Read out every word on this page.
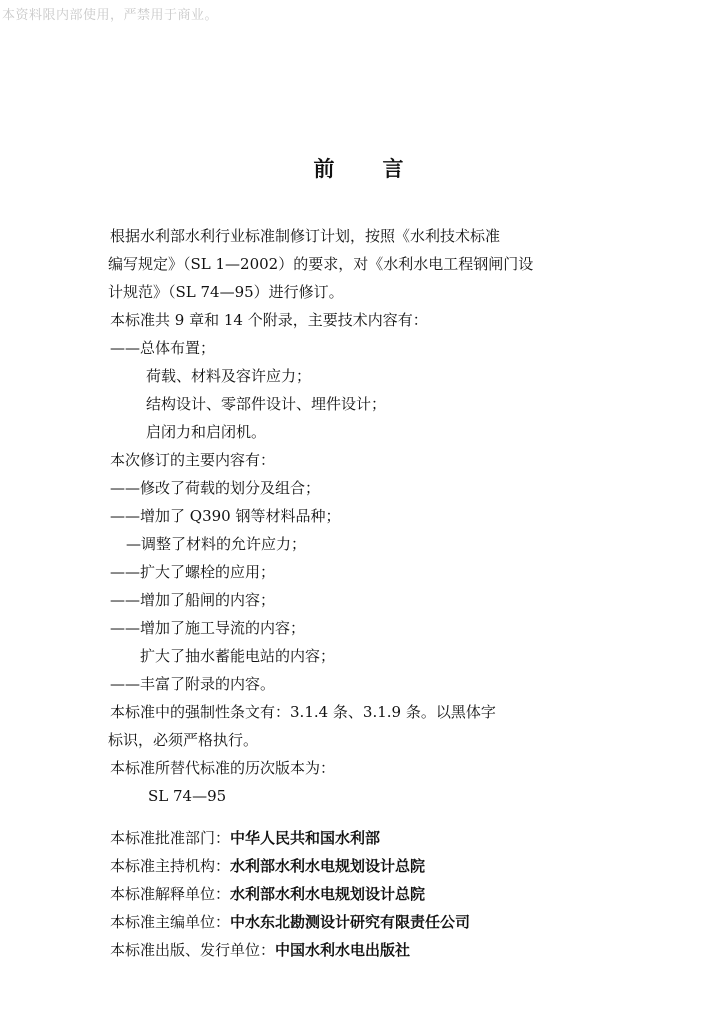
本资料限内部使用，严禁用于商业。
前 言
根据水利部水利行业标准制修订计划，按照《水利技术标准
编写规定》（SL 1—2002）的要求，对《水利水电工程钢闸门设
计规范》（SL 74—95）进行修订。
本标准共 9 章和 14 个附录，主要技术内容有：
——总体布置；
荷载、材料及容许应力；
结构设计、零部件设计、埋件设计；
启闭力和启闭机。
本次修订的主要内容有：
——修改了荷载的划分及组合；
——增加了 Q390 钢等材料品种；
—调整了材料的允许应力；
——扩大了螺栓的应用；
——增加了船闸的内容；
——增加了施工导流的内容；
扩大了抽水蓄能电站的内容；
——丰富了附录的内容。
本标准中的强制性条文有：3.1.4 条、3.1.9 条。以黑体字
标识，必须严格执行。
本标准所替代标准的历次版本为：
SL 74—95
本标准批准部门：中华人民共和国水利部
本标准主持机构：水利部水利水电规划设计总院
本标准解释单位：水利部水利水电规划设计总院
本标准主编单位：中水东北勘测设计研究有限责任公司
本标准出版、发行单位：中国水利水电出版社
